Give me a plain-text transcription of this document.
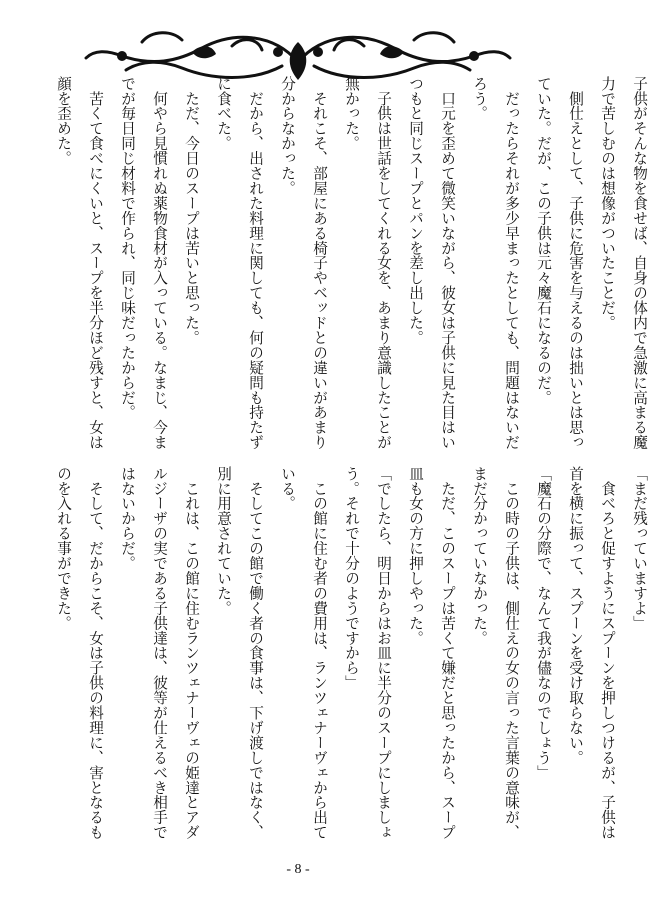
子供がそんな物を食せば、自身の体内で急激に高まる魔
力で苦しむのは想像がついたことだ。
　側仕えとして、子供に危害を与えるのは拙いとは思っ
ていた。だが、この子供は元々魔石になるのだ。
　だったらそれが多少早まったとしても、問題はないだ
ろう。
　口元を歪めて微笑いながら、彼女は子供に見た目はい
つもと同じスープとパンを差し出した。
　子供は世話をしてくれる女を、あまり意識したことが
無かった。
　それこそ、部屋にある椅子やベッドとの違いがあまり
分からなかった。
　だから、出された料理に関しても、何の疑問も持たず
に食べた。
　ただ、今日のスープは苦いと思った。
　何やら見慣れぬ薬物食材が入っている。なまじ、今ま
でが毎日同じ材料で作られ、同じ味だったからだ。
　苦くて食べにくいと、スープを半分ほど残すと、女は
顔を歪めた。
「まだ残っていますよ」
　食べろと促すようにスプーンを押しつけるが、子供は
首を横に振って、スプーンを受け取らない。
「魔石の分際で、なんて我が儘なのでしょう」
　この時の子供は、側仕えの女の言った言葉の意味が、
まだ分かっていなかった。
　ただ、このスープは苦くて嫌だと思ったから、スープ
皿も女の方に押しやった。
「でしたら、明日からはお皿に半分のスープにしましょ
う。それで十分のようですから」
　この館に住む者の費用は、ランツェナーヴェから出て
いる。
　そしてこの館で働く者の食事は、下げ渡しではなく、
別に用意されていた。
　これは、この館に住むランツェナーヴェの姫達とアダ
ルジーザの実である子供達は、彼等が仕えるべき相手で
はないからだ。
　そして、だからこそ、女は子供の料理に、害となるも
のを入れる事ができた。
- 8 -
